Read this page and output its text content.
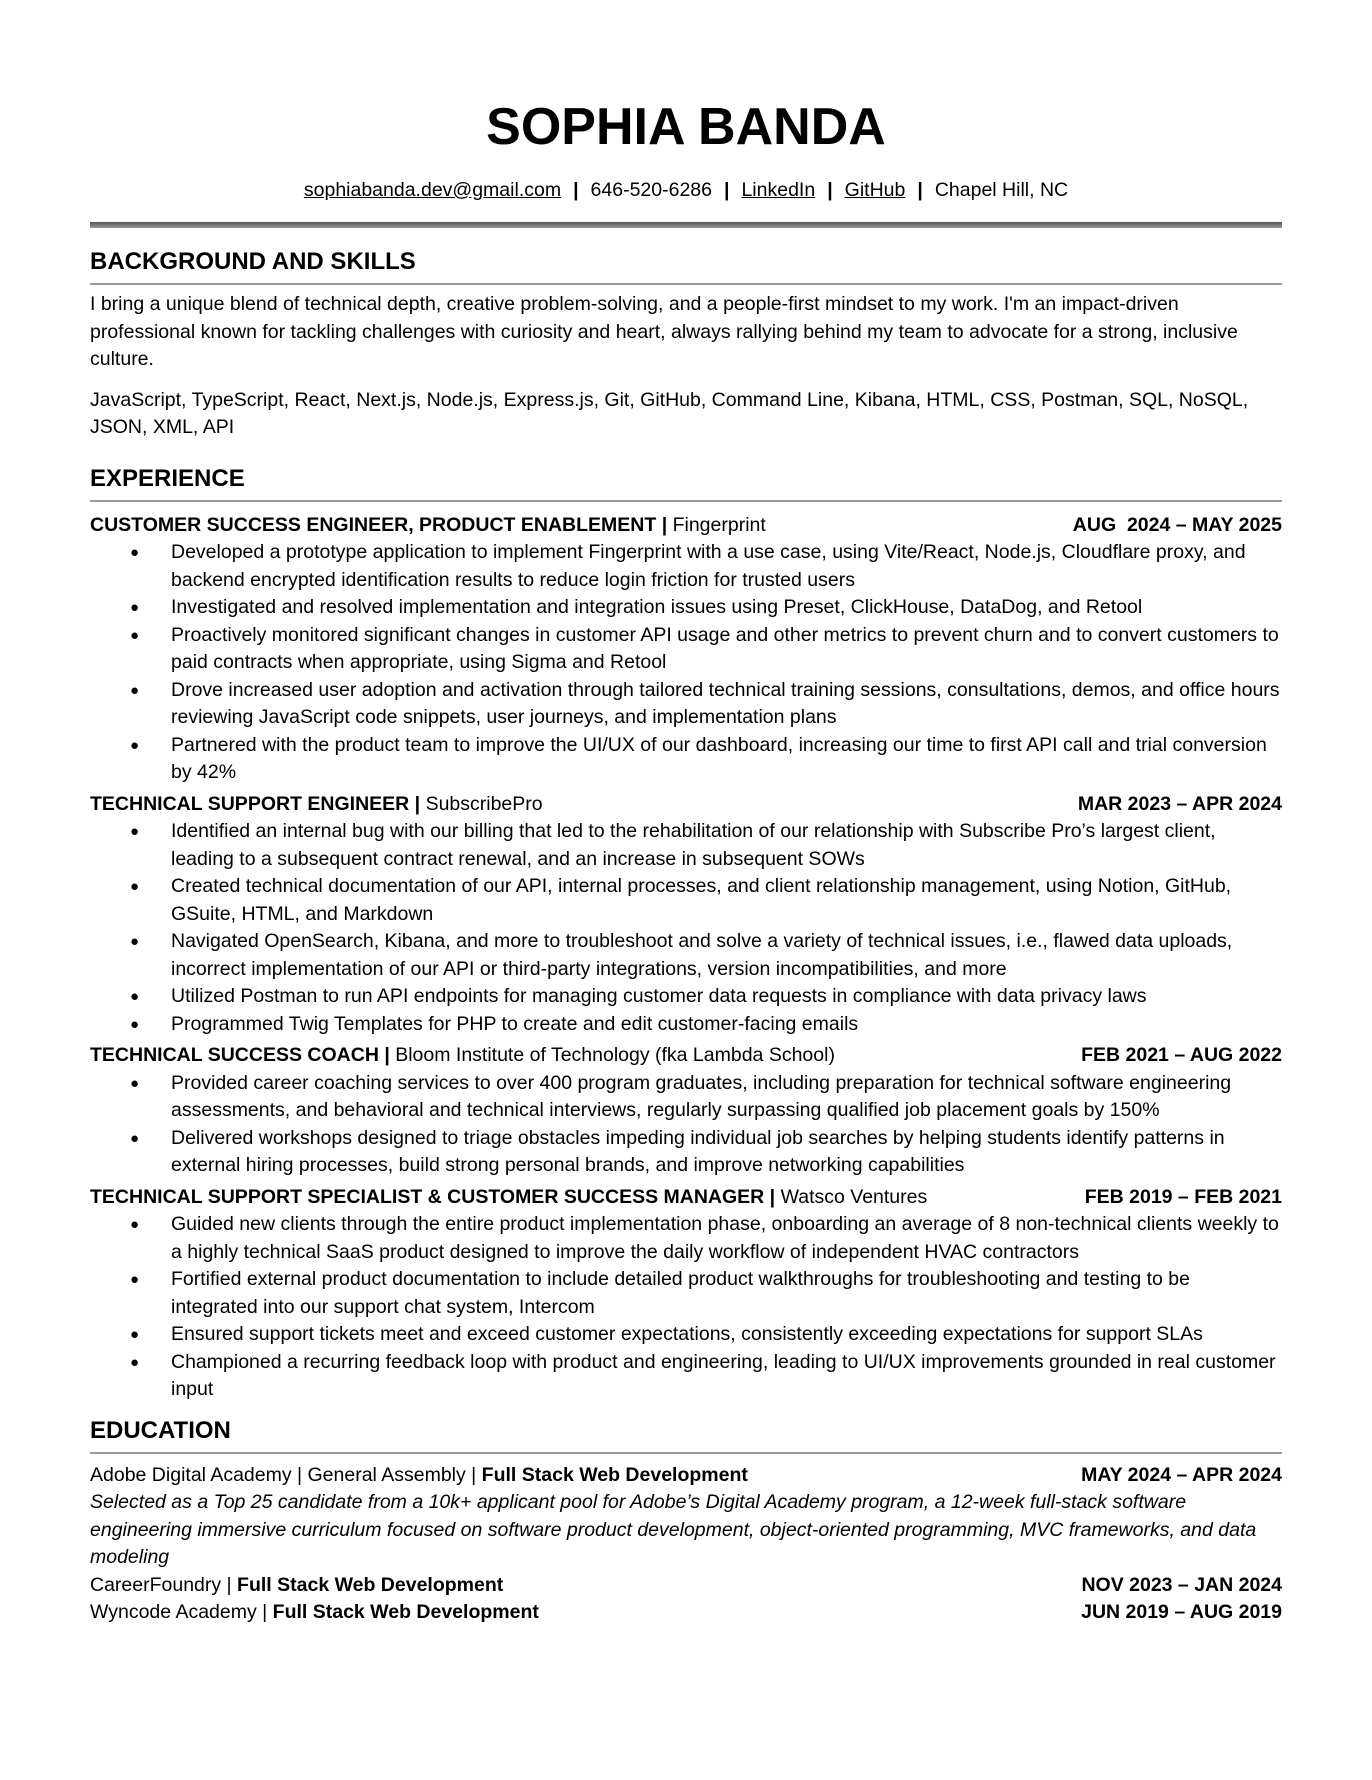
SOPHIA BANDA
sophiabanda.dev@gmail.com | 646-520-6286 | LinkedIn | GitHub | Chapel Hill, NC
BACKGROUND AND SKILLS
I bring a unique blend of technical depth, creative problem-solving, and a people-first mindset to my work. I'm an impact-driven professional known for tackling challenges with curiosity and heart, always rallying behind my team to advocate for a strong, inclusive culture.
JavaScript, TypeScript, React, Next.js, Node.js, Express.js, Git, GitHub, Command Line, Kibana, HTML, CSS, Postman, SQL, NoSQL, JSON, XML, API
EXPERIENCE
CUSTOMER SUCCESS ENGINEER, PRODUCT ENABLEMENT | Fingerprint	AUG  2024 – MAY 2025
● Developed a prototype application to implement Fingerprint with a use case, using Vite/React, Node.js, Cloudflare proxy, and backend encrypted identification results to reduce login friction for trusted users
● Investigated and resolved implementation and integration issues using Preset, ClickHouse, DataDog, and Retool
● Proactively monitored significant changes in customer API usage and other metrics to prevent churn and to convert customers to paid contracts when appropriate, using Sigma and Retool
● Drove increased user adoption and activation through tailored technical training sessions, consultations, demos, and office hours reviewing JavaScript code snippets, user journeys, and implementation plans
● Partnered with the product team to improve the UI/UX of our dashboard, increasing our time to first API call and trial conversion by 42%
TECHNICAL SUPPORT ENGINEER | SubscribePro	MAR 2023 – APR 2024
● Identified an internal bug with our billing that led to the rehabilitation of our relationship with Subscribe Pro’s largest client, leading to a subsequent contract renewal, and an increase in subsequent SOWs
● Created technical documentation of our API, internal processes, and client relationship management, using Notion, GitHub, GSuite, HTML, and Markdown
● Navigated OpenSearch, Kibana, and more to troubleshoot and solve a variety of technical issues, i.e., flawed data uploads, incorrect implementation of our API or third-party integrations, version incompatibilities, and more
● Utilized Postman to run API endpoints for managing customer data requests in compliance with data privacy laws
● Programmed Twig Templates for PHP to create and edit customer-facing emails
TECHNICAL SUCCESS COACH | Bloom Institute of Technology (fka Lambda School)	FEB 2021 – AUG 2022
● Provided career coaching services to over 400 program graduates, including preparation for technical software engineering assessments, and behavioral and technical interviews, regularly surpassing qualified job placement goals by 150%
● Delivered workshops designed to triage obstacles impeding individual job searches by helping students identify patterns in external hiring processes, build strong personal brands, and improve networking capabilities
TECHNICAL SUPPORT SPECIALIST & CUSTOMER SUCCESS MANAGER | Watsco Ventures	FEB 2019 – FEB 2021
● Guided new clients through the entire product implementation phase, onboarding an average of 8 non-technical clients weekly to a highly technical SaaS product designed to improve the daily workflow of independent HVAC contractors
● Fortified external product documentation to include detailed product walkthroughs for troubleshooting and testing to be integrated into our support chat system, Intercom
● Ensured support tickets meet and exceed customer expectations, consistently exceeding expectations for support SLAs
● Championed a recurring feedback loop with product and engineering, leading to UI/UX improvements grounded in real customer input
EDUCATION
Adobe Digital Academy | General Assembly | Full Stack Web Development	MAY 2024 – APR 2024
Selected as a Top 25 candidate from a 10k+ applicant pool for Adobe’s Digital Academy program, a 12-week full-stack software engineering immersive curriculum focused on software product development, object-oriented programming, MVC frameworks, and data modeling
CareerFoundry | Full Stack Web Development	NOV 2023 – JAN 2024
Wyncode Academy | Full Stack Web Development	JUN 2019 – AUG 2019
